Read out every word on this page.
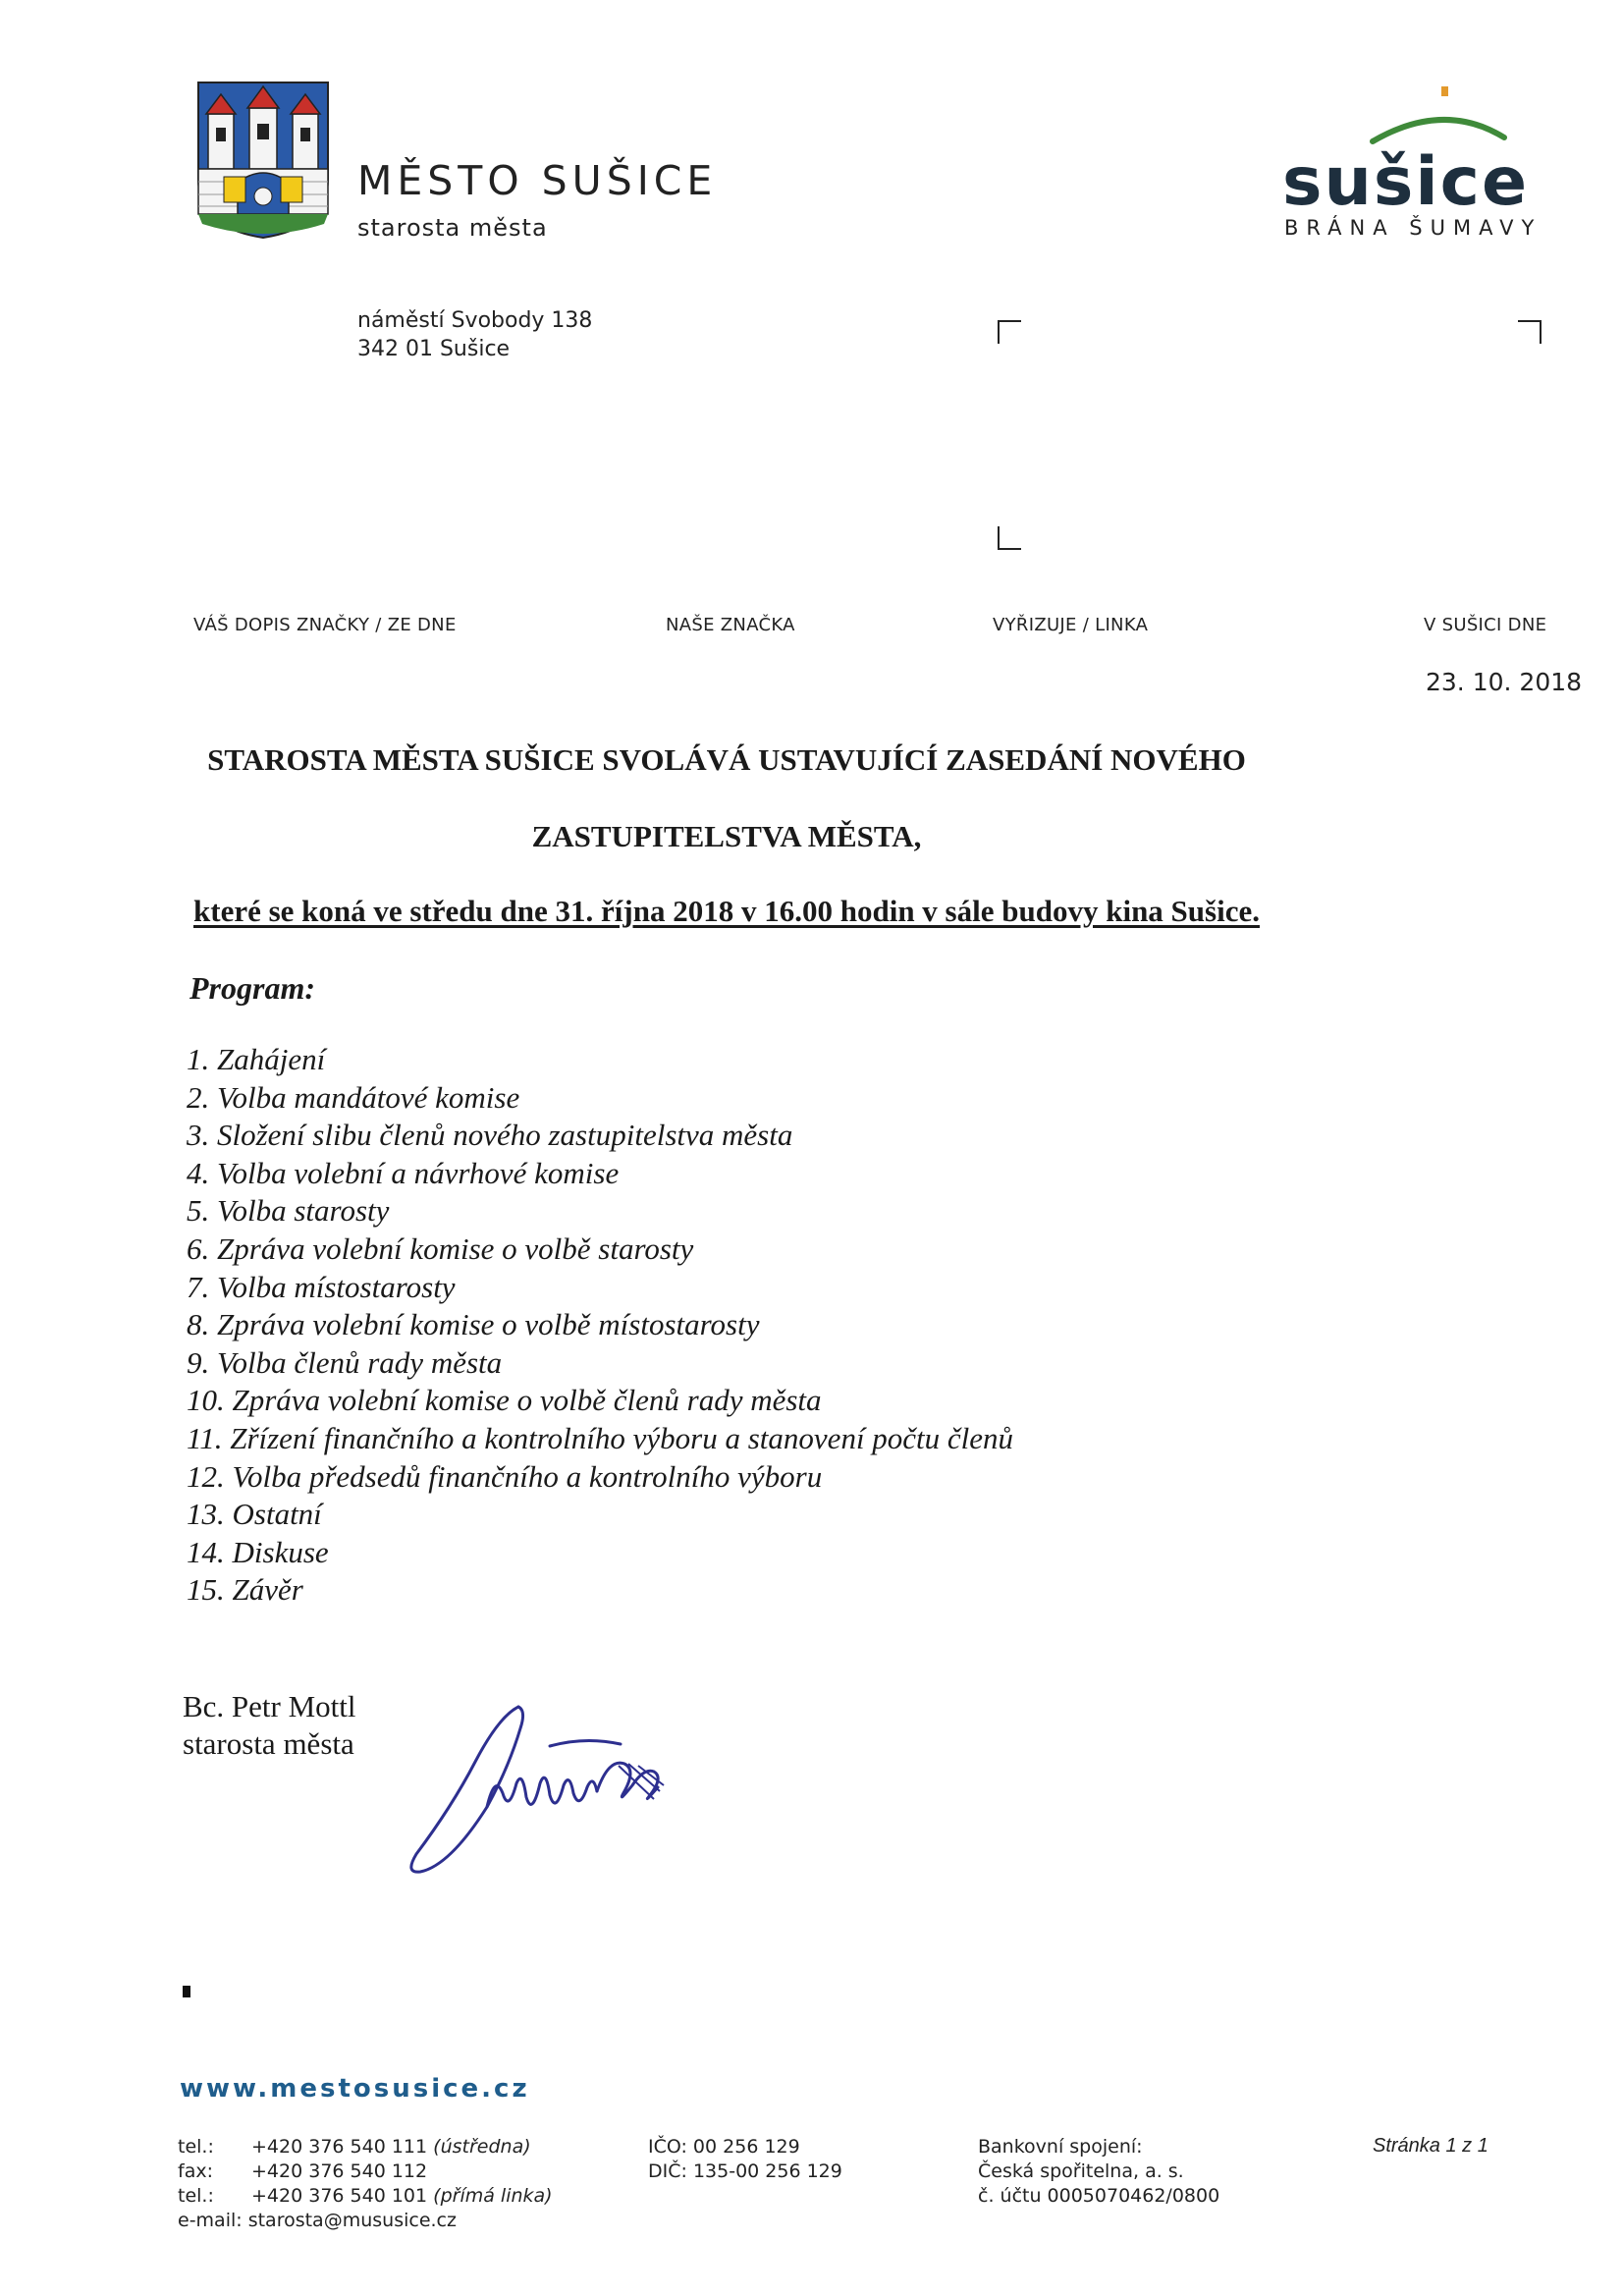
MĚSTO SUŠICE
starosta města
sušice
BRÁNA ŠUMAVY
náměstí Svobody 138
342 01 Sušice
VÁŠ DOPIS ZNAČKY / ZE DNE	NAŠE ZNAČKA	VYŘIZUJE / LINKA	V SUŠICI DNE
23. 10. 2018
STAROSTA MĚSTA SUŠICE SVOLÁVÁ USTAVUJÍCÍ ZASEDÁNÍ NOVÉHO
ZASTUPITELSTVA MĚSTA,
které se koná ve středu dne 31. října 2018 v 16.00 hodin v sále budovy kina Sušice.
Program:
1. Zahájení
2. Volba mandátové komise
3. Složení slibu členů nového zastupitelstva města
4. Volba volební a návrhové komise
5. Volba starosty
6. Zpráva volební komise o volbě starosty
7. Volba místostarosty
8. Zpráva volební komise o volbě místostarosty
9. Volba členů rady města
10. Zpráva volební komise o volbě členů rady města
11. Zřízení finančního a kontrolního výboru a stanovení počtu členů
12. Volba předsedů finančního a kontrolního výboru
13. Ostatní
14. Diskuse
15. Závěr
Bc. Petr Mottl
starosta města
www.mestosusice.cz
tel.: +420 376 540 111 (ústředna)
fax: +420 376 540 112
tel.: +420 376 540 101 (přímá linka)
e-mail: starosta@mususice.cz
IČO: 00 256 129
DIČ: 135-00 256 129
Bankovní spojení:
Česká spořitelna, a. s.
č. účtu 0005070462/0800
Stránka 1 z 1
